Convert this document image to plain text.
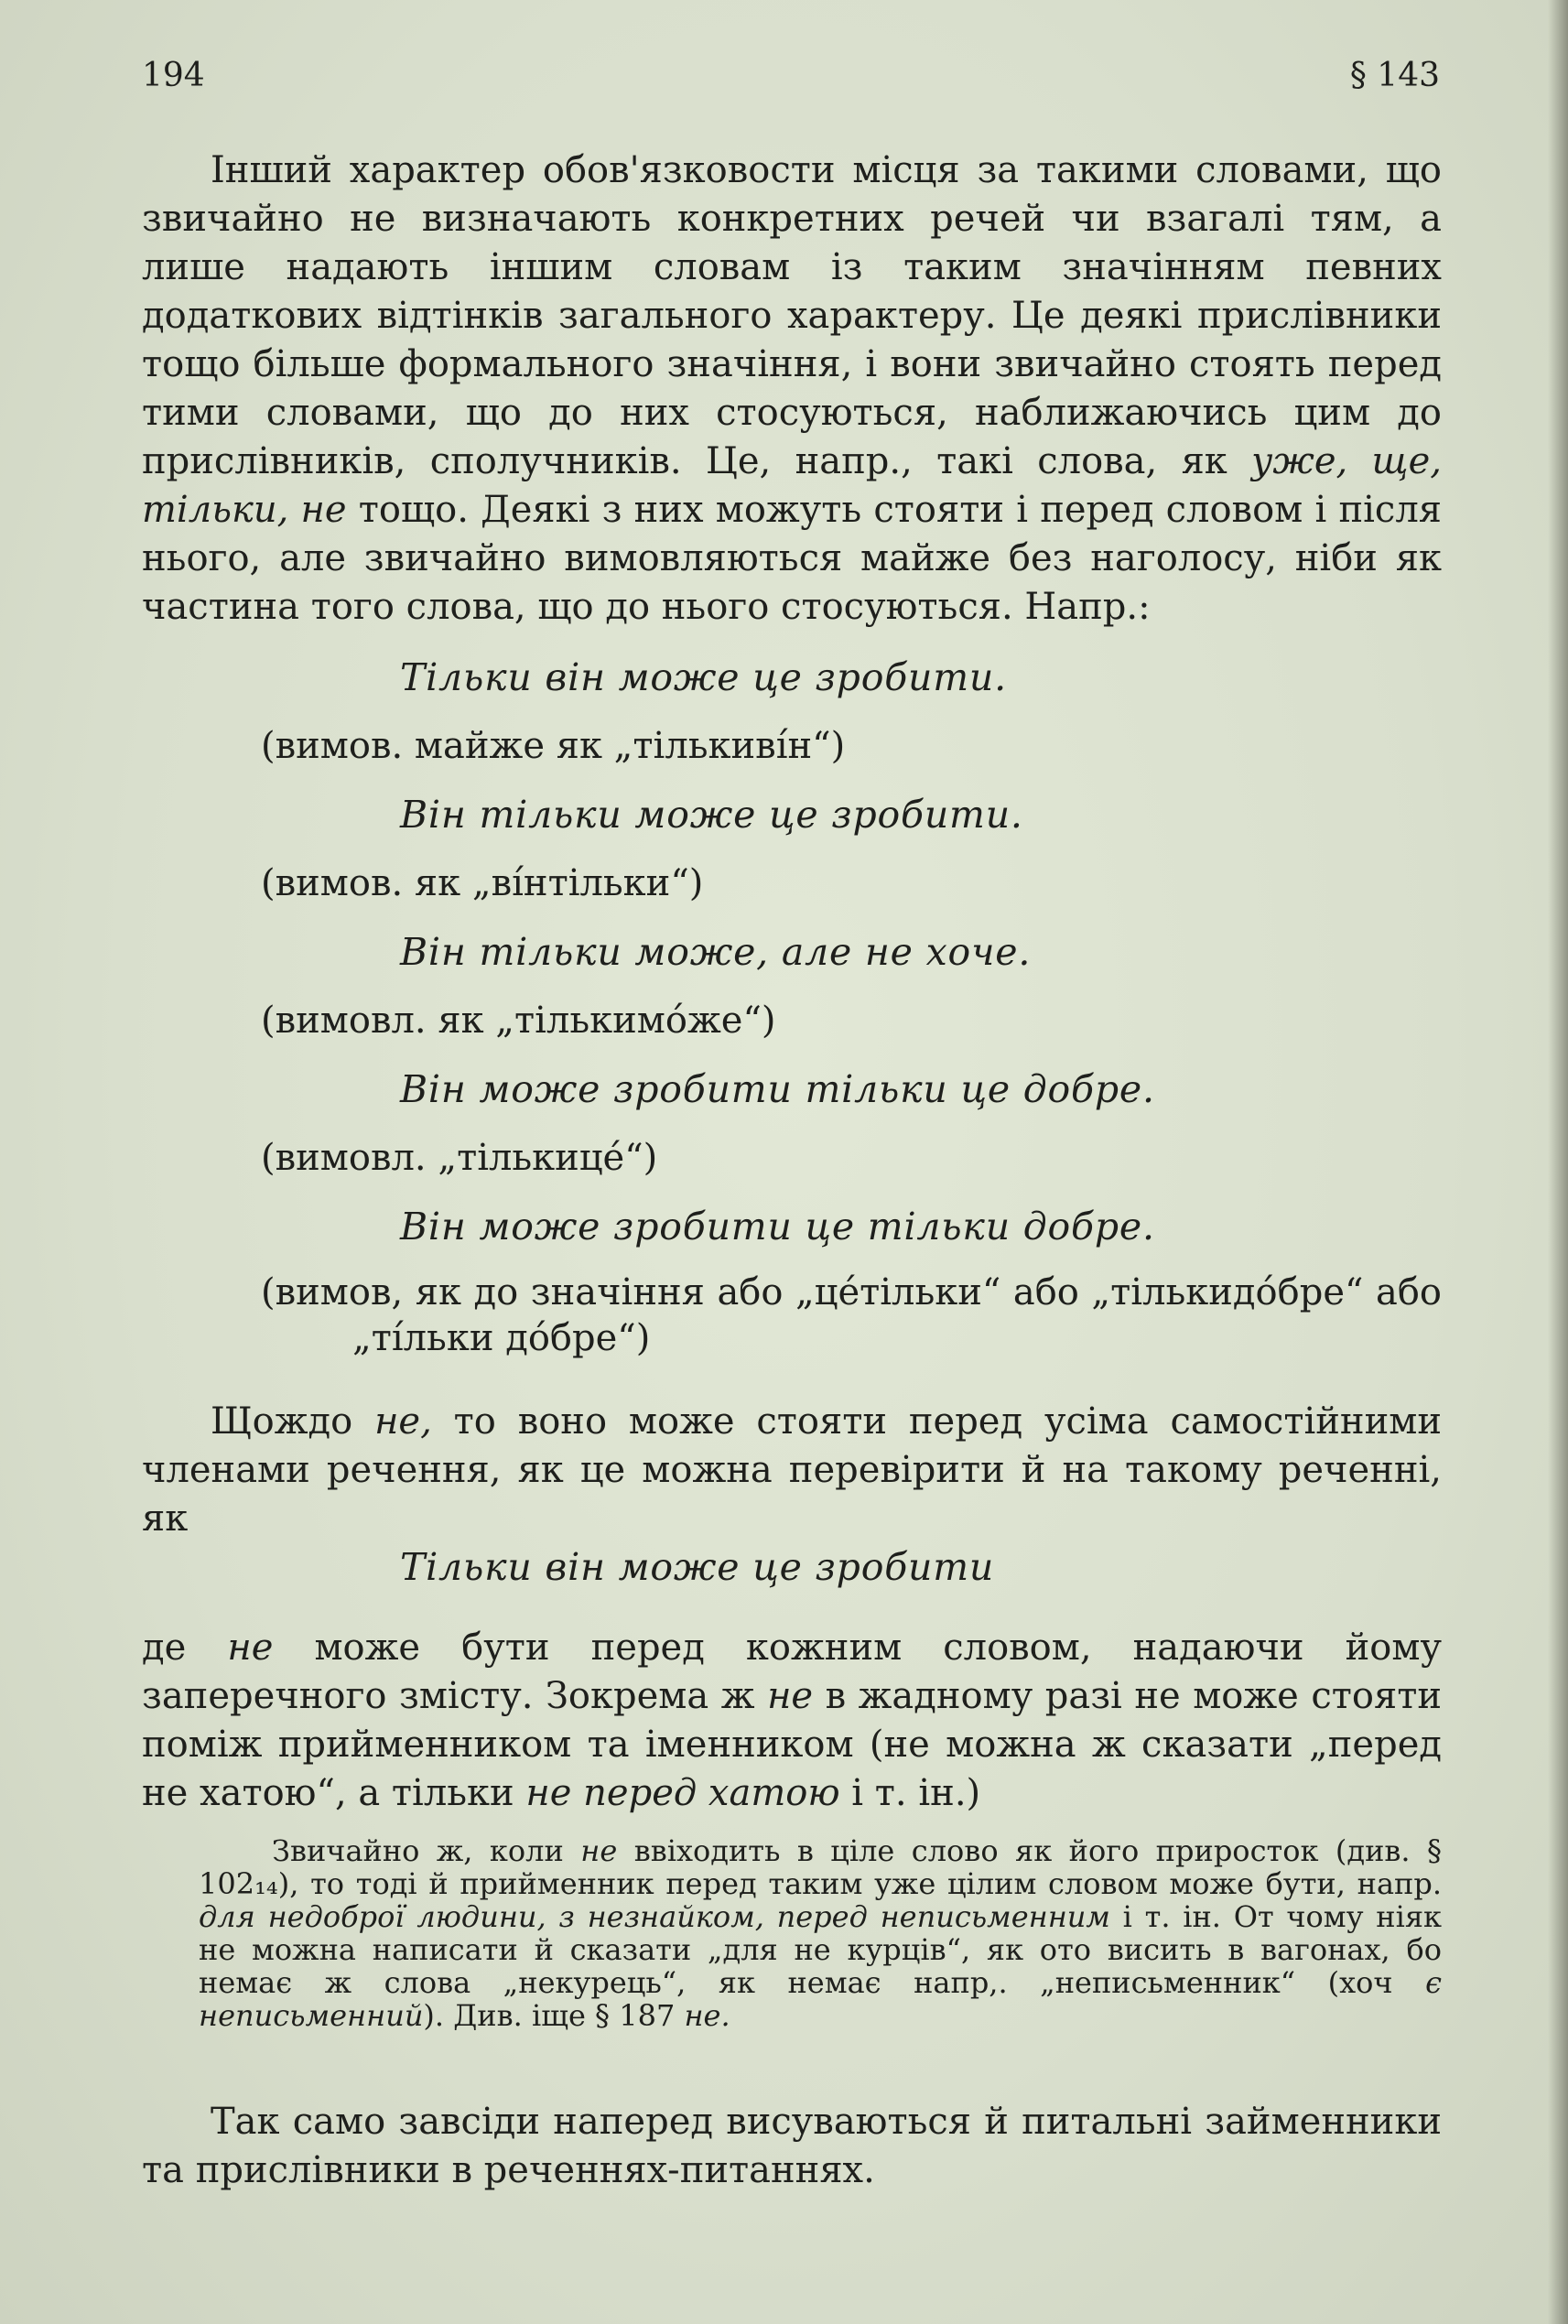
194	§ 143

Інший характер обов'язковости місця за такими словами, що звичайно не визначають конкретних речей чи взагалі тям, а лише надають іншим словам із таким значінням певних додаткових відтінків загального характеру. Це деякі прислівники тощо більше формального значіння, і вони звичайно стоять перед тими словами, що до них стосуються, наближаючись цим до прислівників, сполучників. Це, напр., такі слова, як уже, ще, тільки, не тощо. Деякі з них можуть стояти і перед словом і після нього, але звичайно вимовляються майже без наголосу, ніби як частина того слова, що до нього стосуються. Напр.:

Тільки він може це зробити.

(вимов. майже як „тількиві́н“)

Він тільки може це зробити.

(вимов. як „ві́нтільки“)

Він тільки може, але не хоче.

(вимовл. як „тількимо́же“)

Він може зробити тільки це добре.

(вимовл. „тількице́“)

Він може зробити це тільки добре.

(вимов, як до значіння або „це́тільки“ або „тількидо́бре“ або „ті́льки до́бре“)

Щождо не, то воно може стояти перед усіма самостійними членами речення, як це можна перевірити й на такому реченні, як

Тільки він може це зробити

де не може бути перед кожним словом, надаючи йому заперечного змісту. Зокрема ж не в жадному разі не може стояти поміж прийменником та іменником (не можна ж сказати „перед не хатою“, а тільки не перед хатою і т. ін.)

Звичайно ж, коли не ввіходить в ціле слово як його приросток (див. § 102₁₄), то тоді й прийменник перед таким уже цілим словом може бути, напр. для недоброї людини, з незнайком, перед неписьменним і т. ін. От чому ніяк не можна написати й сказати „для не курців“, як ото висить в вагонах, бо немає ж слова „некурець“, як немає напр,. „неписьменник“ (хоч є неписьменний). Див. іще § 187 не.

Так само завсіди наперед висуваються й питальні займенники та прислівники в реченнях-питаннях.
